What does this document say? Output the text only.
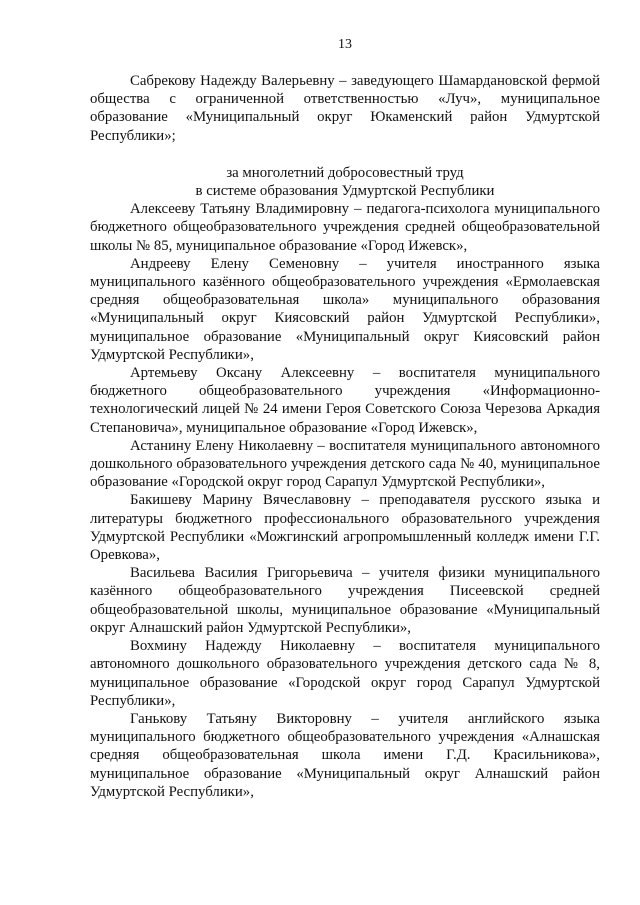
13

Сабрекову Надежду Валерьевну – заведующего Шамардановской фермой общества с ограниченной ответственностью «Луч», муниципальное образование «Муниципальный округ Юкаменский район Удмуртской Республики»;

за многолетний добросовестный труд

в системе образования Удмуртской Республики

Алексееву Татьяну Владимировну – педагога-психолога муниципального бюджетного общеобразовательного учреждения средней общеобразовательной школы № 85, муниципальное образование «Город Ижевск»,

Андрееву Елену Семеновну – учителя иностранного языка муниципального казённого общеобразовательного учреждения «Ермолаевская средняя общеобразовательная школа» муниципального образования «Муниципальный округ Киясовский район Удмуртской Республики», муниципальное образование «Муниципальный округ Киясовский район Удмуртской Республики»,

Артемьеву Оксану Алексеевну – воспитателя муниципального бюджетного общеобразовательного учреждения «Информационно-технологический лицей № 24 имени Героя Советского Союза Черезова Аркадия Степановича», муниципальное образование «Город Ижевск»,

Астанину Елену Николаевну – воспитателя муниципального автономного дошкольного образовательного учреждения детского сада № 40, муниципальное образование «Городской округ город Сарапул Удмуртской Республики»,

Бакишеву Марину Вячеславовну – преподавателя русского языка и литературы бюджетного профессионального образовательного учреждения Удмуртской Республики «Можгинский агропромышленный колледж имени Г.Г. Оревкова»,

Васильева Василия Григорьевича – учителя физики муниципального казённого общеобразовательного учреждения Писеевской средней общеобразовательной школы, муниципальное образование «Муниципальный округ Алнашский район Удмуртской Республики»,

Вохмину Надежду Николаевну – воспитателя муниципального автономного дошкольного образовательного учреждения детского сада № 8, муниципальное образование «Городской округ город Сарапул Удмуртской Республики»,

Ганькову Татьяну Викторовну – учителя английского языка муниципального бюджетного общеобразовательного учреждения «Алнашская средняя общеобразовательная школа имени Г.Д. Красильникова», муниципальное образование «Муниципальный округ Алнашский район Удмуртской Республики»,
